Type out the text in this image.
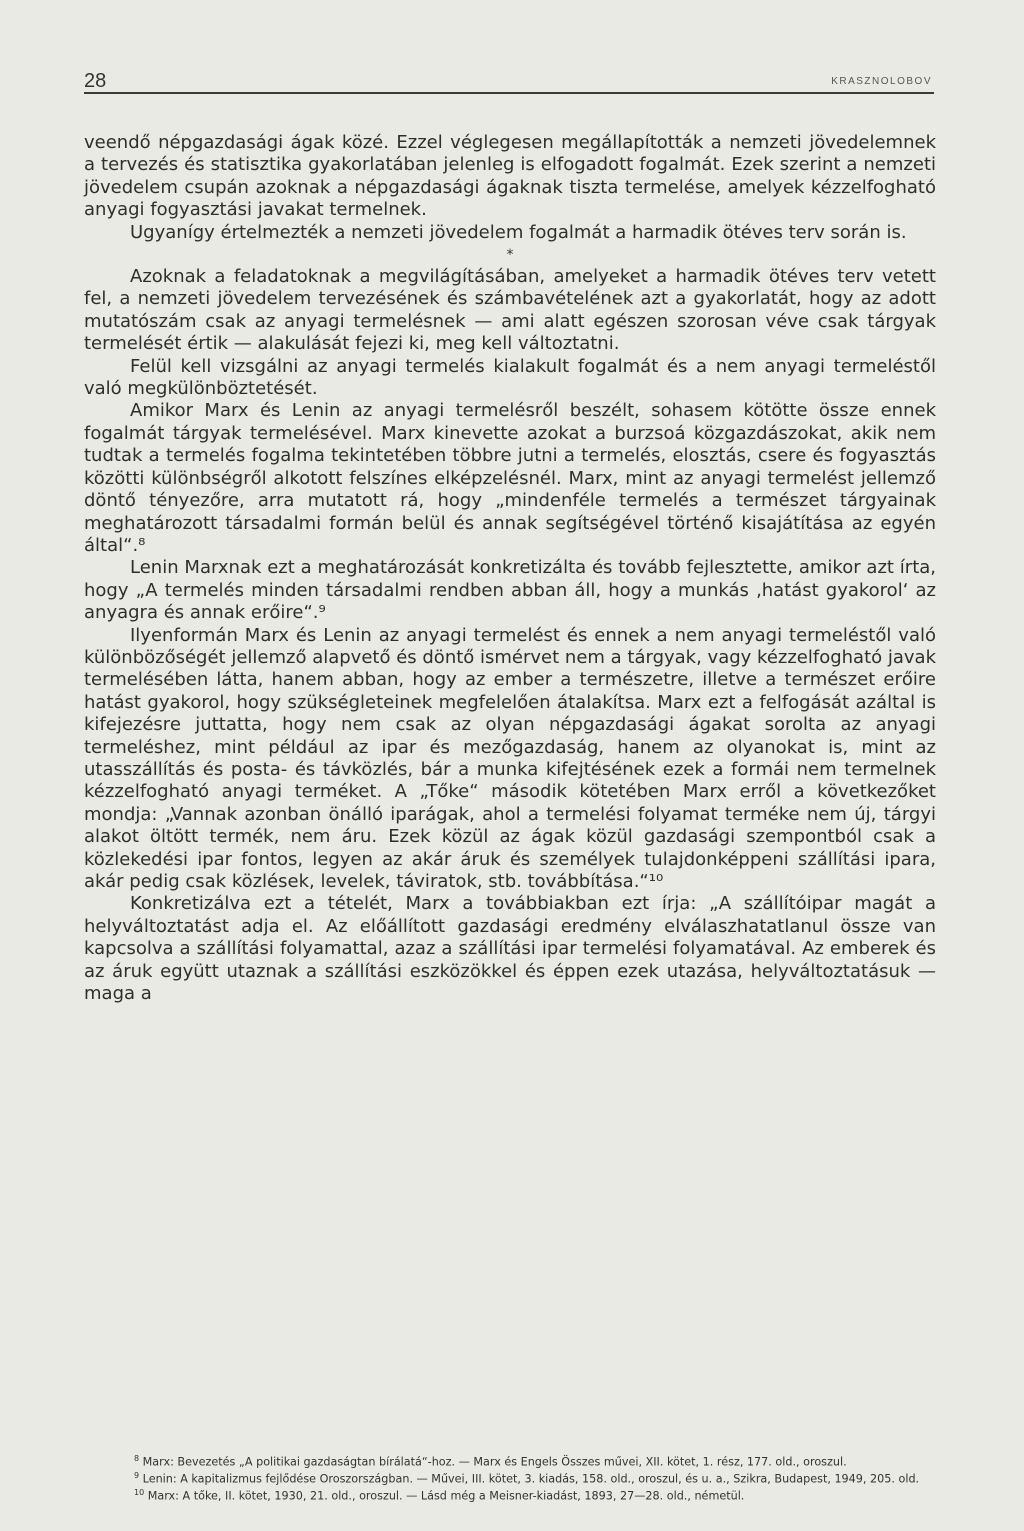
28	KRASZNOLOBOV

veendő népgazdasági ágak közé. Ezzel véglegesen megállapították a nemzeti jövedelemnek a tervezés és statisztika gyakorlatában jelenleg is elfogadott fogalmát. Ezek szerint a nemzeti jövedelem csupán azoknak a népgazdasági ágaknak tiszta termelése, amelyek kézzelfogható anyagi fogyasztási javakat termelnek.

Ugyanígy értelmezték a nemzeti jövedelem fogalmát a harmadik ötéves terv során is.

*

Azoknak a feladatoknak a megvilágításában, amelyeket a harmadik ötéves terv vetett fel, a nemzeti jövedelem tervezésének és számbavételének azt a gyakorlatát, hogy az adott mutatószám csak az anyagi termelésnek — ami alatt egészen szorosan véve csak tárgyak termelését értik — alakulását fejezi ki, meg kell változtatni.

Felül kell vizsgálni az anyagi termelés kialakult fogalmát és a nem anyagi termeléstől való megkülönböztetését.

Amikor Marx és Lenin az anyagi termelésről beszélt, sohasem kötötte össze ennek fogalmát tárgyak termelésével. Marx kinevette azokat a burzsoá közgazdászokat, akik nem tudtak a termelés fogalma tekintetében többre jutni a termelés, elosztás, csere és fogyasztás közötti különbségről alkotott felszínes elképzelésnél. Marx, mint az anyagi termelést jellemző döntő tényezőre, arra mutatott rá, hogy „mindenféle termelés a természet tárgyainak meghatározott társadalmi formán belül és annak segítségével történő kisajátítása az egyén által“.⁸

Lenin Marxnak ezt a meghatározását konkretizálta és tovább fejlesztette, amikor azt írta, hogy „A termelés minden társadalmi rendben abban áll, hogy a munkás ‚hatást gyakorol‘ az anyagra és annak erőire“.⁹

Ilyenformán Marx és Lenin az anyagi termelést és ennek a nem anyagi termeléstől való különbözőségét jellemző alapvető és döntő ismérvet nem a tárgyak, vagy kézzelfogható javak termelésében látta, hanem abban, hogy az ember a természetre, illetve a természet erőire hatást gyakorol, hogy szükségleteinek megfelelően átalakítsa. Marx ezt a felfogását azáltal is kifejezésre juttatta, hogy nem csak az olyan népgazdasági ágakat sorolta az anyagi termeléshez, mint például az ipar és mezőgazdaság, hanem az olyanokat is, mint az utasszállítás és posta- és távközlés, bár a munka kifejtésének ezek a formái nem termelnek kézzelfogható anyagi terméket. A „Tőke“ második kötetében Marx erről a következőket mondja: „Vannak azonban önálló iparágak, ahol a termelési folyamat terméke nem új, tárgyi alakot öltött termék, nem áru. Ezek közül az ágak közül gazdasági szempontból csak a közlekedési ipar fontos, legyen az akár áruk és személyek tulajdonképpeni szállítási ipara, akár pedig csak közlések, levelek, táviratok, stb. továbbítása.“¹⁰

Konkretizálva ezt a tételét, Marx a továbbiakban ezt írja: „A szállítóipar magát a helyváltoztatást adja el. Az előállított gazdasági eredmény elválaszhatatlanul össze van kapcsolva a szállítási folyamattal, azaz a szállítási ipar termelési folyamatával. Az emberek és az áruk együtt utaznak a szállítási eszközökkel és éppen ezek utazása, helyváltoztatásuk — maga a

$^8$ Marx: Bevezetés „A politikai gazdaságtan bírálatá“-hoz. — Marx és Engels Összes művei, XII. kötet, 1. rész, 177. old., oroszul.

$^9$ Lenin: A kapitalizmus fejlődése Oroszországban. — Művei, III. kötet, 3. kiadás, 158. old., oroszul, és u. a., Szikra, Budapest, 1949, 205. old.

$^{10}$ Marx: A tőke, II. kötet, 1930, 21. old., oroszul. — Lásd még a Meisner-kiadást, 1893, 27—28. old., németül.
